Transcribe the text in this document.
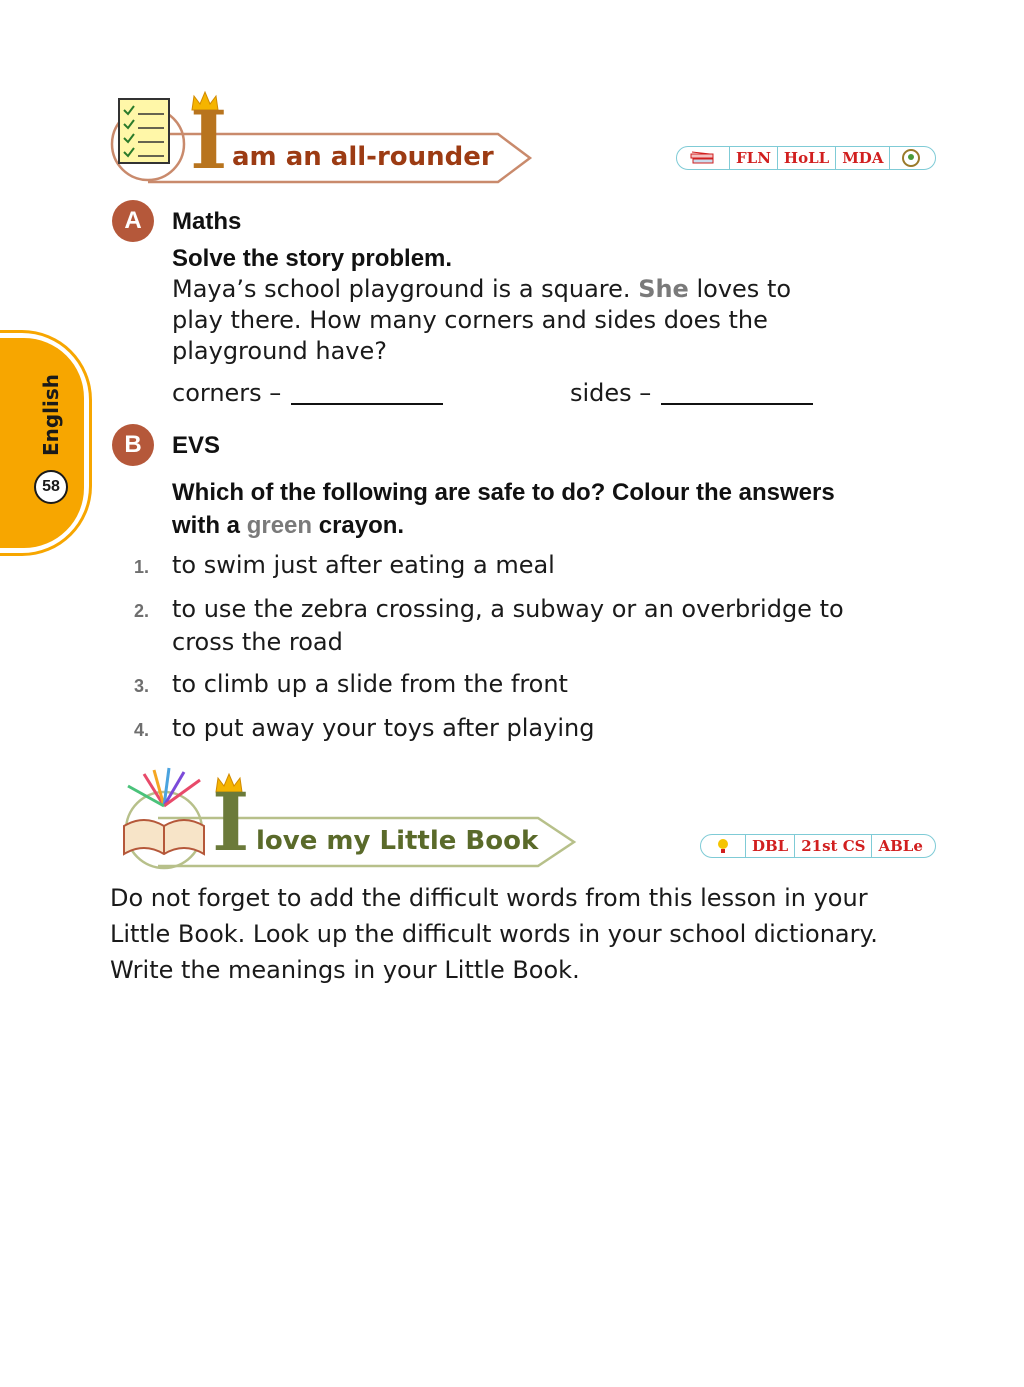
English
58
I am an all-rounder	FLN HoLL MDA
A	Maths
Solve the story problem.
Maya’s school playground is a square. She loves to
play there. How many corners and sides does the
playground have?
corners –	sides –
B	EVS
Which of the following are safe to do? Colour the answers
with a green crayon.
1. to swim just after eating a meal
2. to use the zebra crossing, a subway or an overbridge to
cross the road
3. to climb up a slide from the front
4. to put away your toys after playing
I love my Little Book	DBL 21st CS ABLe
Do not forget to add the difficult words from this lesson in your
Little Book. Look up the difficult words in your school dictionary.
Write the meanings in your Little Book.
